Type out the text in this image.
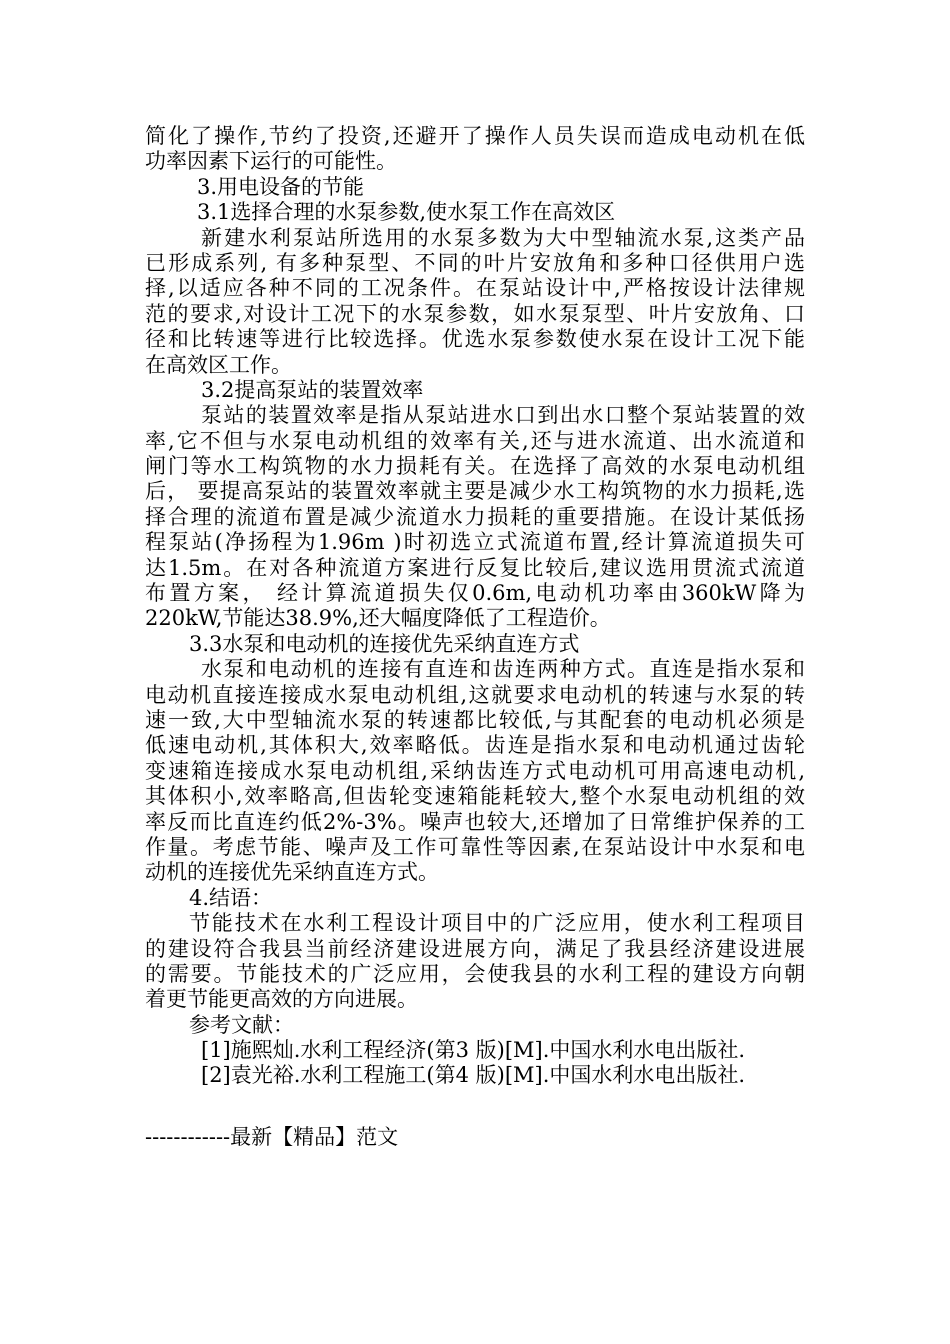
简化了操作,节约了投资,还避开了操作人员失误而造成电动机在低

功率因素下运行的可能性。

3.用电设备的节能

3.1选择合理的水泵参数,使水泵工作在高效区

新建水利泵站所选用的水泵多数为大中型轴流水泵,这类产品

已形成系列, 有多种泵型、不同的叶片安放角和多种口径供用户选

择,以适应各种不同的工况条件。在泵站设计中,严格按设计法律规

范的要求,对设计工况下的水泵参数，如水泵泵型、叶片安放角、口

径和比转速等进行比较选择。优选水泵参数使水泵在设计工况下能

在高效区工作。

3.2提高泵站的装置效率

泵站的装置效率是指从泵站进水口到出水口整个泵站装置的效

率,它不但与水泵电动机组的效率有关,还与进水流道、出水流道和

闸门等水工构筑物的水力损耗有关。在选择了高效的水泵电动机组

后， 要提高泵站的装置效率就主要是减少水工构筑物的水力损耗,选

择合理的流道布置是减少流道水力损耗的重要措施。在设计某低扬

程泵站(净扬程为1.96m )时初选立式流道布置,经计算流道损失可

达1.5m。在对各种流道方案进行反复比较后,建议选用贯流式流道

布置方案， 经计算流道损失仅0.6m,电动机功率由360kW降为

220kW,节能达38.9%,还大幅度降低了工程造价。

3.3水泵和电动机的连接优先采纳直连方式

水泵和电动机的连接有直连和齿连两种方式。直连是指水泵和

电动机直接连接成水泵电动机组,这就要求电动机的转速与水泵的转

速一致,大中型轴流水泵的转速都比较低,与其配套的电动机必须是

低速电动机,其体积大,效率略低。齿连是指水泵和电动机通过齿轮

变速箱连接成水泵电动机组,采纳齿连方式电动机可用高速电动机,

其体积小,效率略高,但齿轮变速箱能耗较大,整个水泵电动机组的效

率反而比直连约低2%-3%。噪声也较大,还增加了日常维护保养的工

作量。考虑节能、噪声及工作可靠性等因素,在泵站设计中水泵和电

动机的连接优先采纳直连方式。

4.结语：

节能技术在水利工程设计项目中的广泛应用，使水利工程项目

的建设符合我县当前经济建设进展方向，满足了我县经济建设进展

的需要。节能技术的广泛应用，会使我县的水利工程的建设方向朝

着更节能更高效的方向进展。

参考文献：

[1]施熙灿.水利工程经济(第3 版)[M].中国水利水电出版社.

[2]袁光裕.水利工程施工(第4 版)[M].中国水利水电出版社.

------------最新【精品】范文
